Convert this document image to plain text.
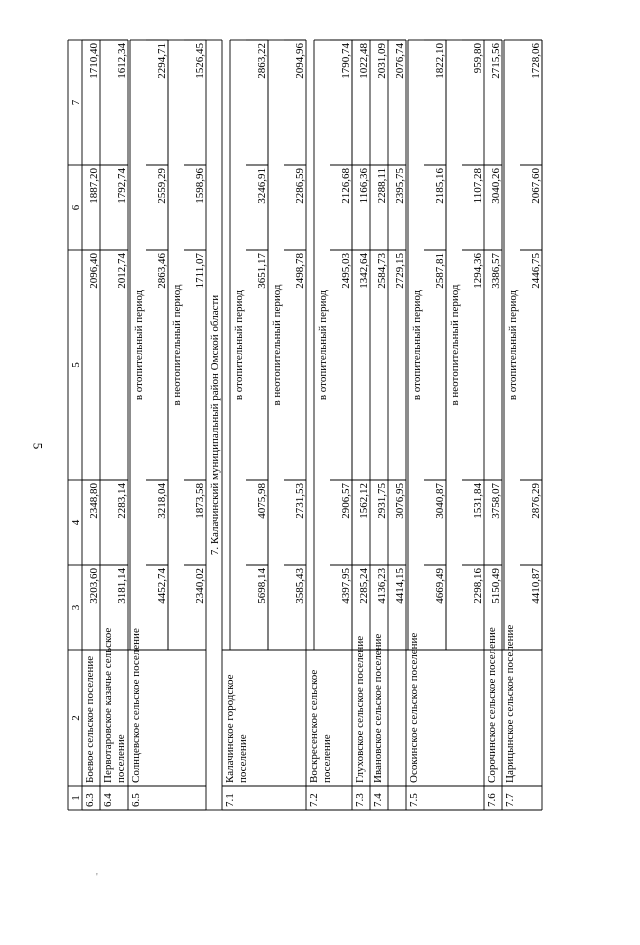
5
'
1
2
3
4
5
6
7
6.3
Боевое сельское поселение
3203,60
2348,80
2096,40
1887,20
1710,40
6.4
Первотаровское казачье сельское поселение
3181,14
2283,14
2012,74
1792,74
1612,34
в отопительный период
4452,74
3218,04
2863,46
2559,29
2294,71
в неотопительный период
2340,02
1873,58
1711,07
1598,96
1526,45
6.5
Солнцевское сельское поселение
7. Калачинский муниципальный район Омской области в отопительный период
5698,14
4075,98
3651,17
3246,91
2863,22
в неотопительный период
3585,43
2731,53
2498,78
2286,59
2094,96
7.1
Калачинское городское поселение
в отопительный период
4397,95
2906,57
2495,03
2126,68
1790,74
7.2
Воскресенское сельское поселение
7.3
Глуховское сельское поселение
2285,24
1562,12
1342,64
1166,36
1022,48
7.4
Ивановское сельское поселение
4136,23
2931,75
2584,73
2288,11
2031,09
4414,15
3076,95
2729,15
2395,75
2076,74
в отопительный период
4669,49
3040,87
2587,81
2185,16
1822,10
в неотопительный период
2298,16
1531,84
1294,36
1107,28
959,80
7.5
Осокинское сельское поселение
7.6
Сорочинское сельское поселение
5150,49
3758,07
3386,57
3040,26
2715,56
в отопительный период
4410,87
2876,29
2446,75
2067,60
1728,06
7.7
Царицынское сельское поселение
